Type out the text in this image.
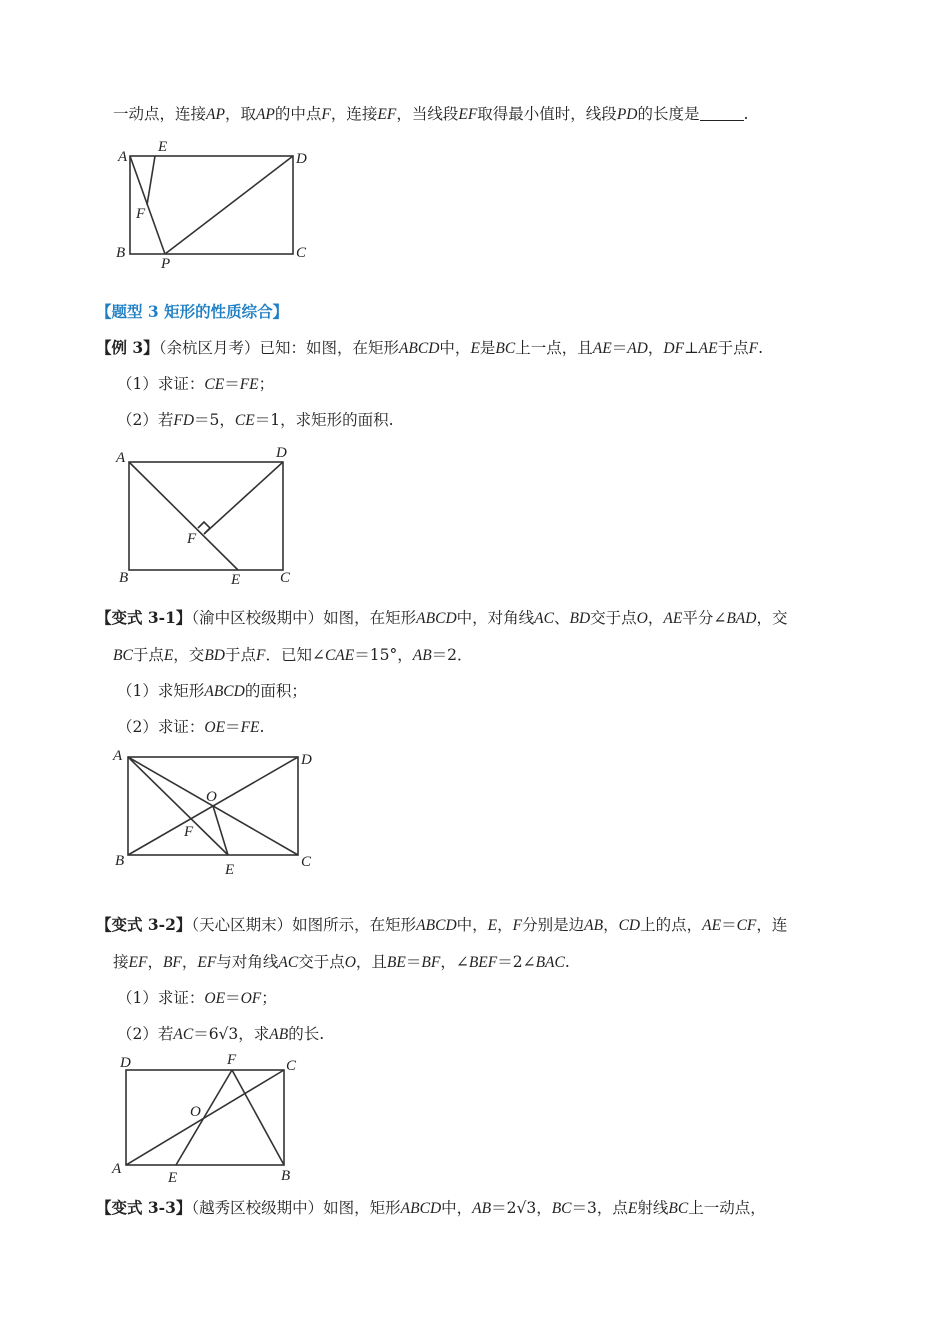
一动点，连接AP，取AP的中点F，连接EF，当线段EF取得最小值时，线段PD的长度是	.
A
E
D
F
B
P
C
【题型 3 矩形的性质综合】
【例 3】（余杭区月考）已知：如图，在矩形ABCD中，E是BC上一点，且AE＝AD，DF⊥AE于点F.
（1）求证：CE＝FE；
（2）若FD＝5，CE＝1，求矩形的面积.
A	D
F
B	E	C
【变式 3-1】（渝中区校级期中）如图，在矩形ABCD中，对角线AC、BD交于点O，AE平分∠BAD，交
BC于点E，交BD于点F．已知∠CAE＝15°，AB＝2．
（1）求矩形ABCD的面积；
（2）求证：OE＝FE.
A	D
O
F
B
E	C
【变式 3-2】（天心区期末）如图所示，在矩形ABCD中，E，F分别是边AB，CD上的点，AE＝CF，连
接EF，BF，EF与对角线AC交于点O，且BE＝BF，∠BEF＝2∠BAC.
（1）求证：OE＝OF；
（2）若AC＝6√3，求AB的长.
D	F	C
O
A
E	B
【变式 3-3】（越秀区校级期中）如图，矩形ABCD中，AB＝2√3，BC＝3，点E射线BC上一动点，
